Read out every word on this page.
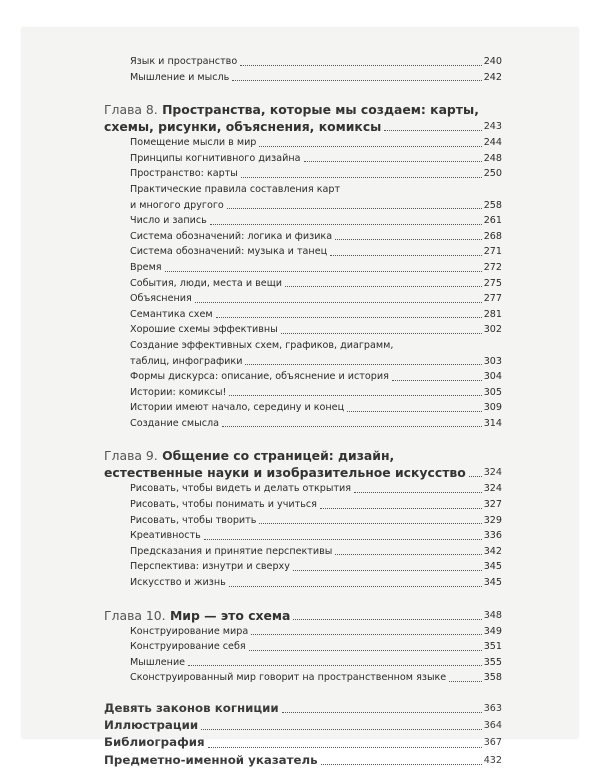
Язык и пространство	240
Мышление и мысль	242
Глава 8. Пространства, которые мы создаем: карты,
схемы, рисунки, объяснения, комиксы	243
Помещение мысли в мир	244
Принципы когнитивного дизайна	248
Пространство: карты	250
Практические правила составления карт
и многого другого	258
Число и запись	261
Система обозначений: логика и физика	268
Система обозначений: музыка и танец	271
Время	272
События, люди, места и вещи	275
Объяснения	277
Семантика схем	281
Хорошие схемы эффективны	302
Создание эффективных схем, графиков, диаграмм,
таблиц, инфографики	303
Формы дискурса: описание, объяснение и история	304
Истории: комиксы!	305
Истории имеют начало, середину и конец	309
Создание смысла	314
Глава 9. Общение со страницей: дизайн,
естественные науки и изобразительное искусство 324
Рисовать, чтобы видеть и делать открытия	324
Рисовать, чтобы понимать и учиться	327
Рисовать, чтобы творить	329
Креативность	336
Предсказания и принятие перспективы	342
Перспектива: изнутри и сверху	345
Искусство и жизнь	345
Глава 10. Мир — это схема	348
Конструирование мира	349
Конструирование себя	351
Мышление	355
Сконструированный мир говорит на пространственном языке	358
Девять законов когниции	363
Иллюстрации	364
Библиография	367
Предметно-именной указатель	432
